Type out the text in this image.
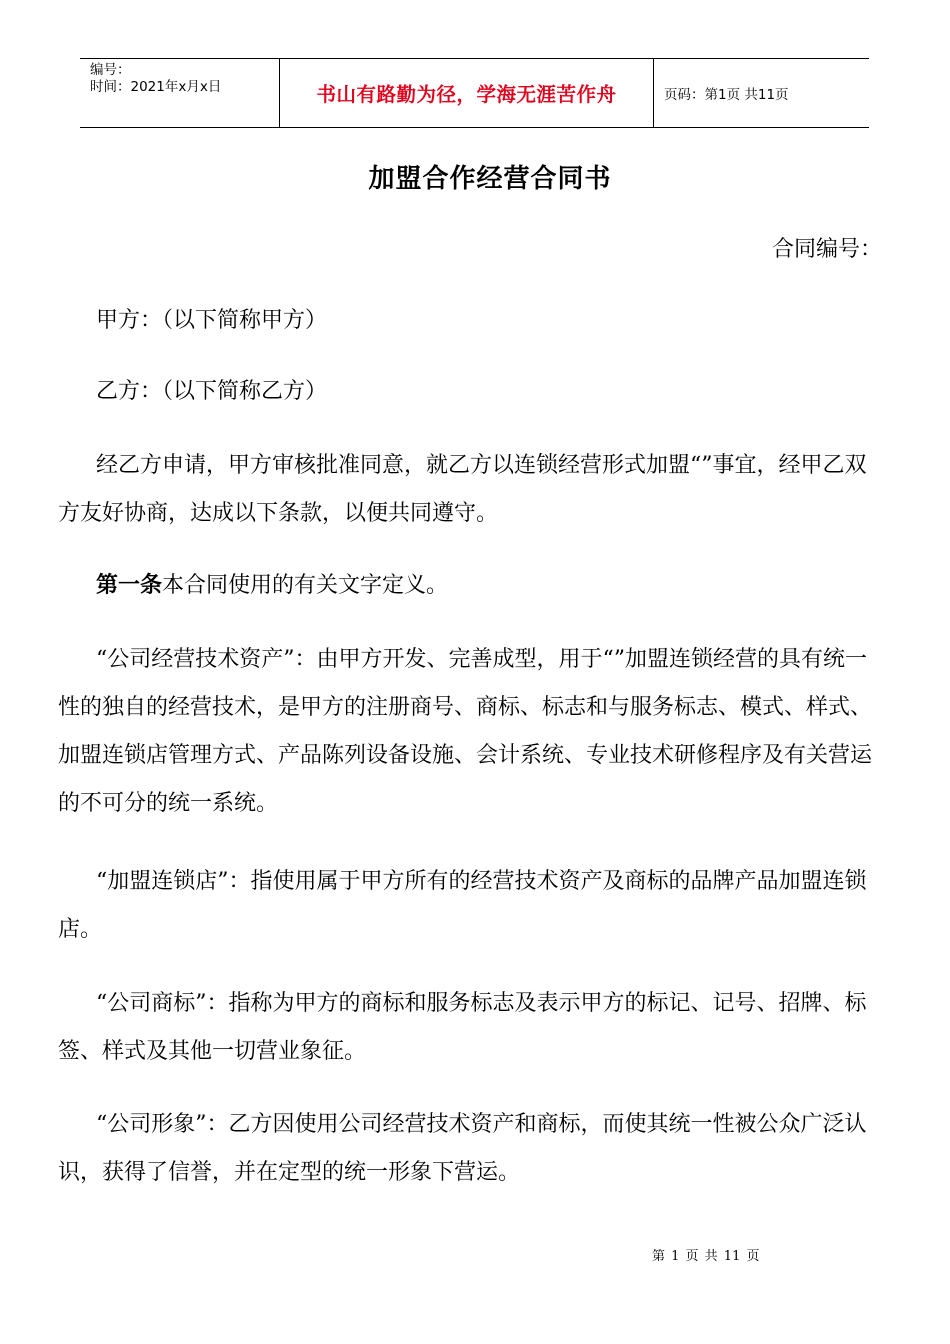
编号：
时间：2021年x月x日	书山有路勤为径，学海无涯苦作舟	页码：第1页 共11页
加盟合作经营合同书
合同编号：

甲方：（以下简称甲方）

乙方：（以下简称乙方）

经乙方申请，甲方审核批准同意，就乙方以连锁经营形式加盟“”事宜，经甲乙双方友好协商，达成以下条款，以便共同遵守。

第一条本合同使用的有关文字定义。

“公司经营技术资产”：由甲方开发、完善成型，用于“”加盟连锁经营的具有统一性的独自的经营技术，是甲方的注册商号、商标、标志和与服务标志、模式、样式、加盟连锁店管理方式、产品陈列设备设施、会计系统、专业技术研修程序及有关营运的不可分的统一系统。

“加盟连锁店”：指使用属于甲方所有的经营技术资产及商标的品牌产品加盟连锁店。

“公司商标”：指称为甲方的商标和服务标志及表示甲方的标记、记号、招牌、标签、样式及其他一切营业象征。

“公司形象”：乙方因使用公司经营技术资产和商标，而使其统一性被公众广泛认识，获得了信誉，并在定型的统一形象下营运。

第 1 页 共 11 页
